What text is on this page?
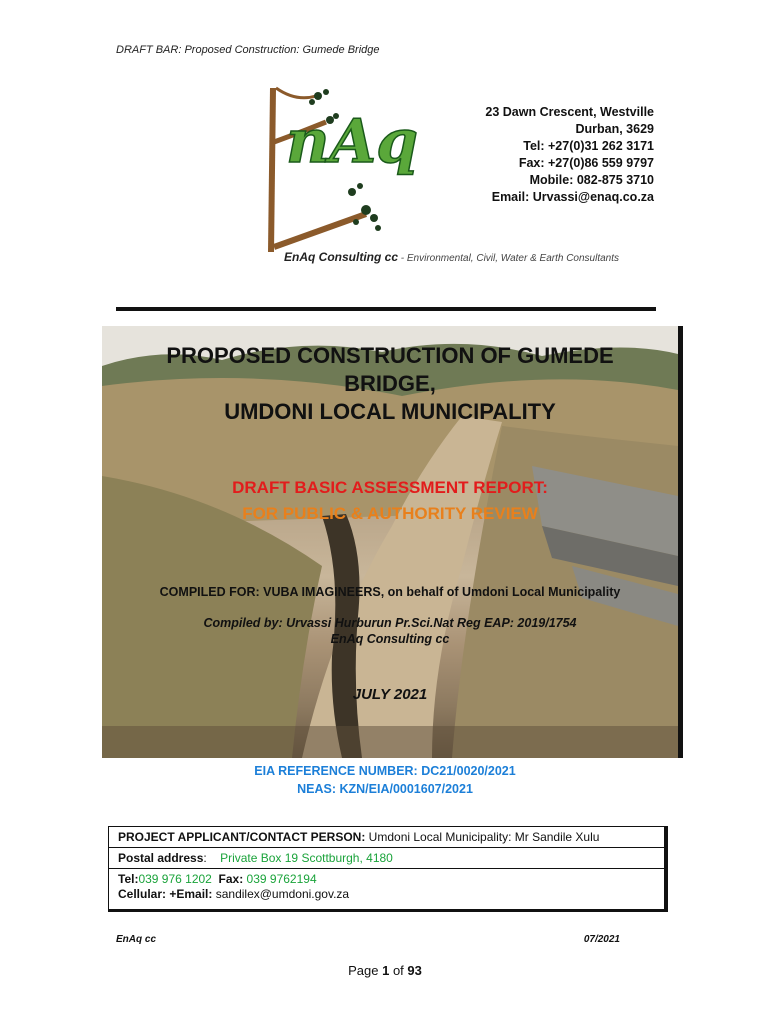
DRAFT BAR: Proposed Construction: Gumede Bridge
nAq	23 Dawn Crescent, Westville
Durban, 3629
Tel: +27(0)31 262 3171
Fax: +27(0)86 559 9797
Mobile: 082-875 3710
Email: Urvassi@enaq.co.za
EnAq Consulting cc - Environmental, Civil, Water & Earth Consultants
PROPOSED CONSTRUCTION OF GUMEDE
BRIDGE,
UMDONI LOCAL MUNICIPALITY
DRAFT BASIC ASSESSMENT REPORT:
FOR PUBLIC & AUTHORITY REVIEW
COMPILED FOR: VUBA IMAGINEERS, on behalf of Umdoni Local Municipality
Compiled by: Urvassi Hurburun Pr.Sci.Nat Reg EAP: 2019/1754
EnAq Consulting cc
JULY 2021
EIA REFERENCE NUMBER: DC21/0020/2021
NEAS: KZN/EIA/0001607/2021
PROJECT APPLICANT/CONTACT PERSON: Umdoni Local Municipality: Mr Sandile Xulu
Postal address: Private Box 19 Scottburgh, 4180
Tel:039 976 1202 Fax: 039 9762194
Cellular: +Email: sandilex@umdoni.gov.za
EnAq cc	07/2021
Page 1 of 93
